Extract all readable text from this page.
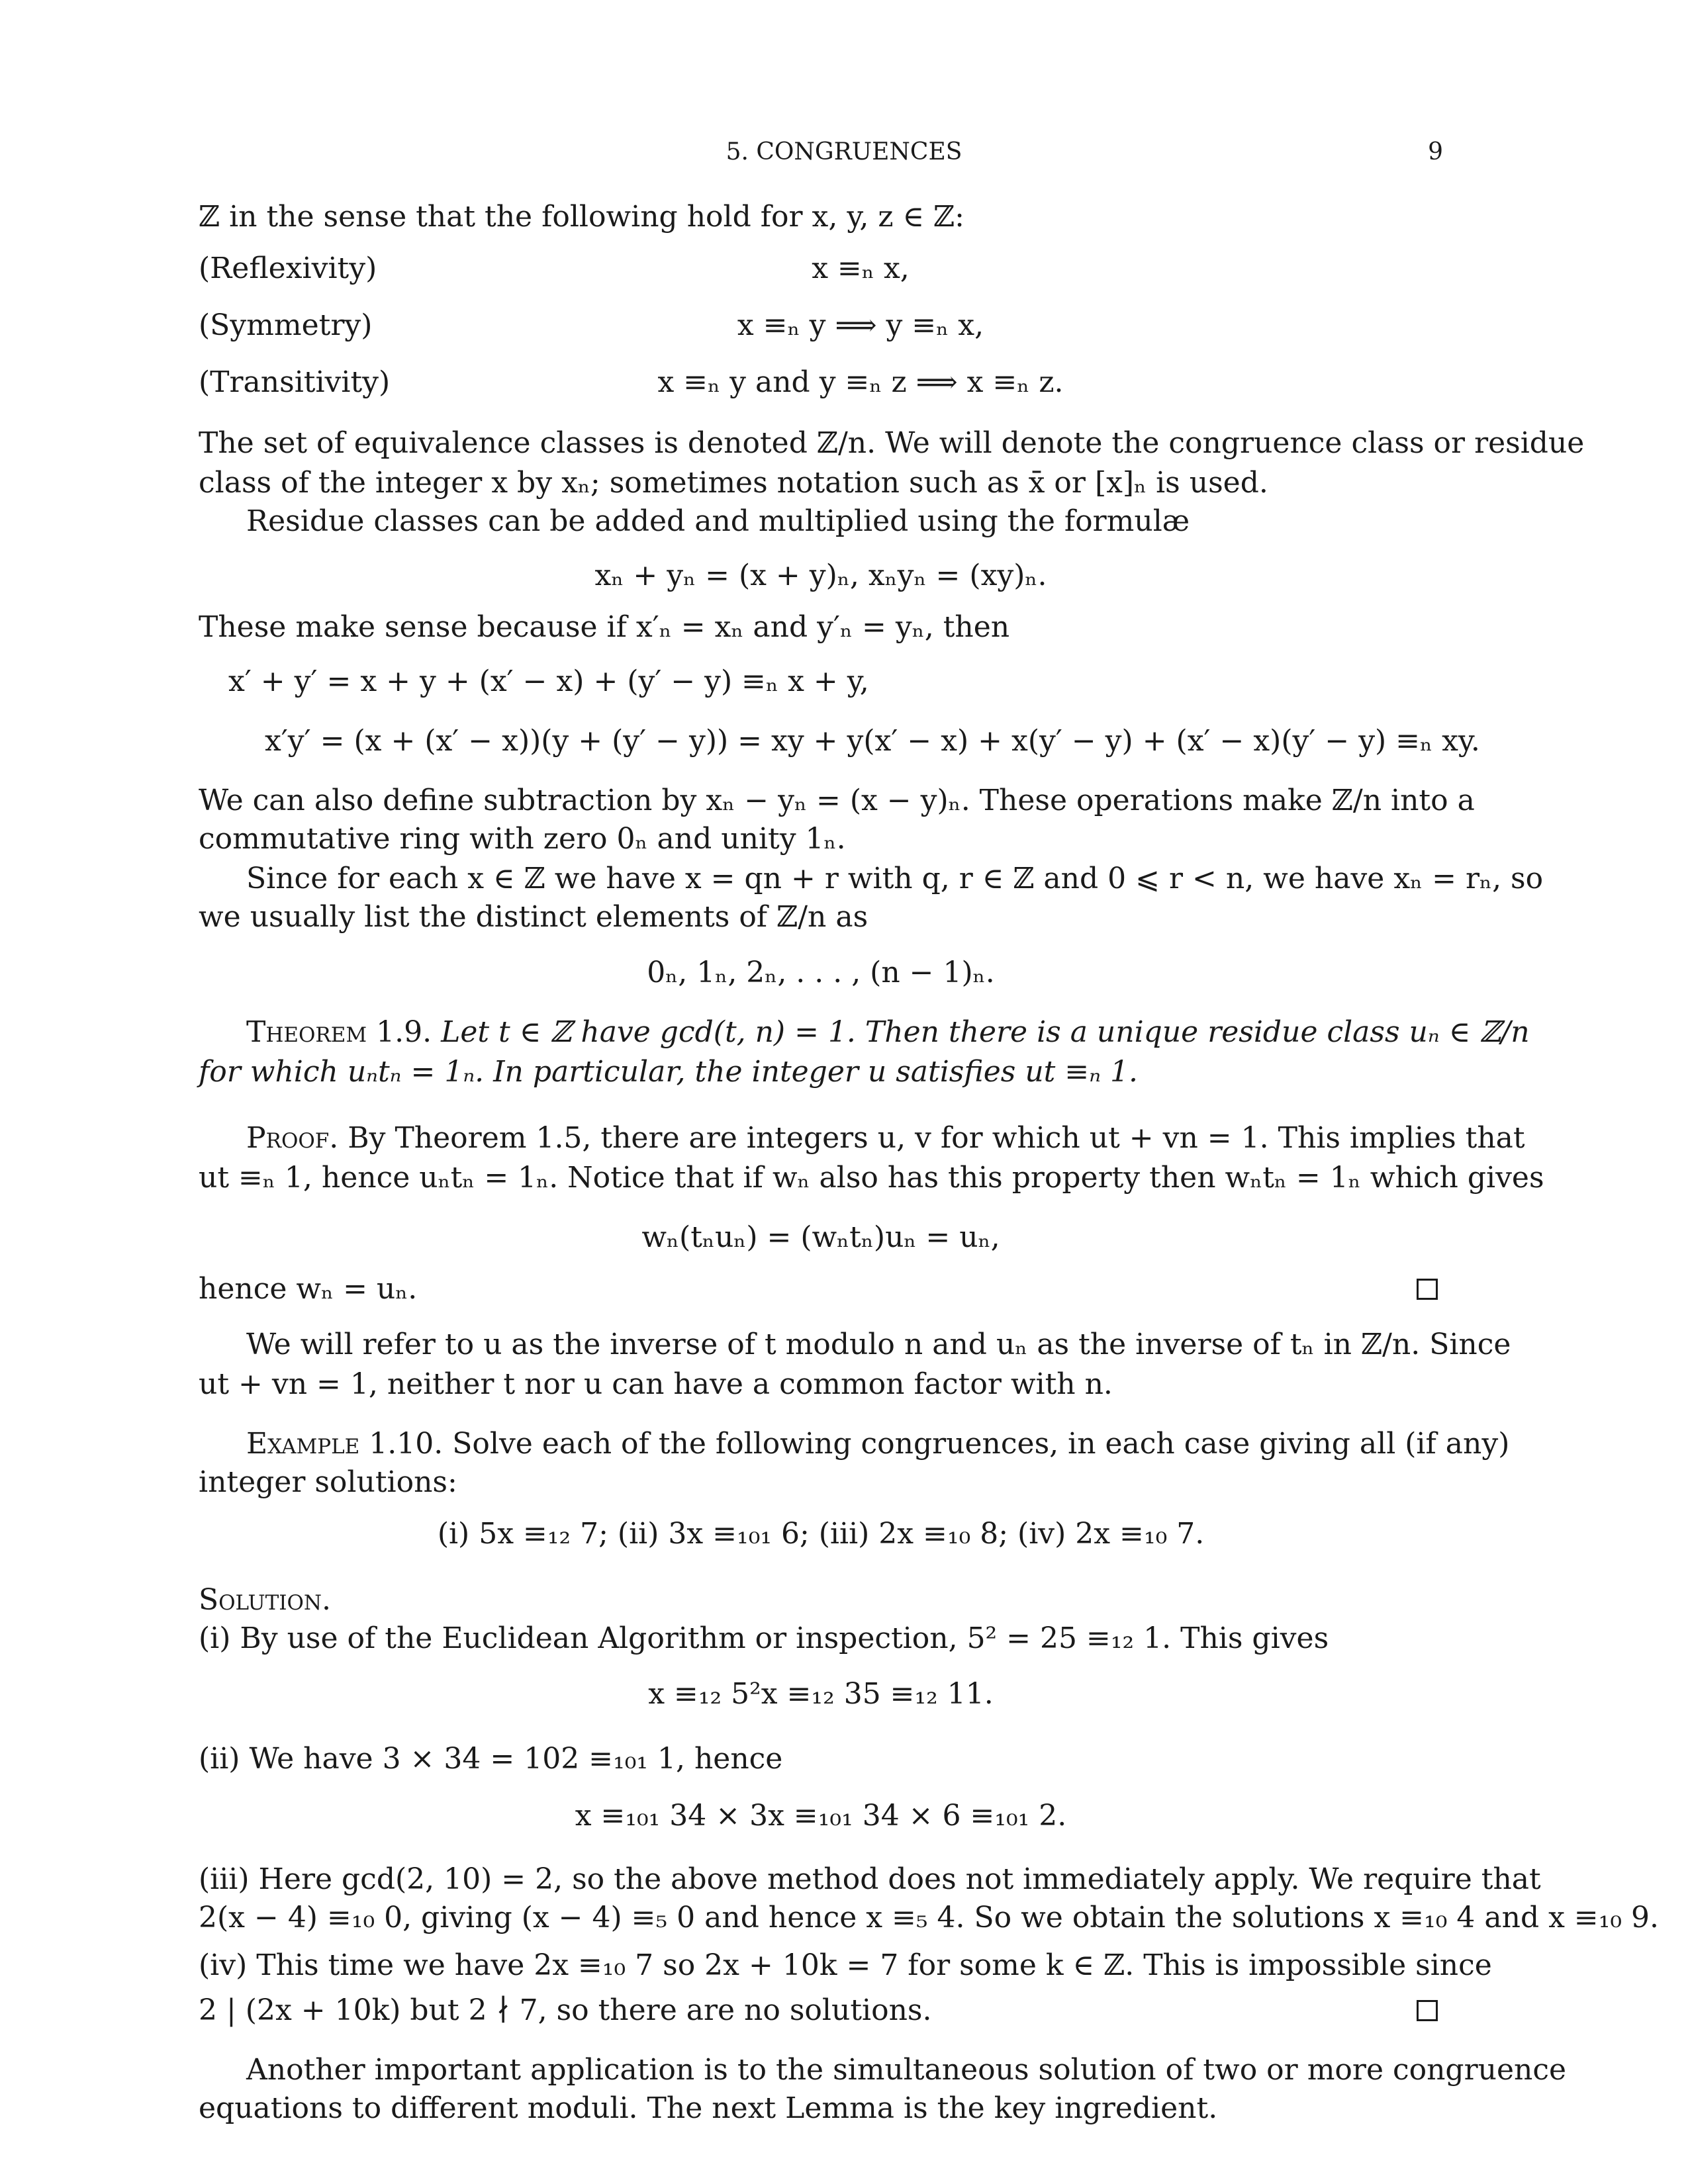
5. CONGRUENCES	9
ℤ in the sense that the following hold for x, y, z ∈ ℤ:
(Reflexivity)	x ≡ₙ x,
(Symmetry)	x ≡ₙ y ⟹ y ≡ₙ x,
(Transitivity)	x ≡ₙ y and y ≡ₙ z ⟹ x ≡ₙ z.
The set of equivalence classes is denoted ℤ/n. We will denote the congruence class or residue
class of the integer x by xₙ; sometimes notation such as x̄ or [x]ₙ is used.
Residue classes can be added and multiplied using the formulæ
xₙ + yₙ = (x + y)ₙ, xₙyₙ = (xy)ₙ.
These make sense because if x′ₙ = xₙ and y′ₙ = yₙ, then
x′ + y′ = x + y + (x′ − x) + (y′ − y) ≡ₙ x + y,
x′y′ = (x + (x′ − x))(y + (y′ − y)) = xy + y(x′ − x) + x(y′ − y) + (x′ − x)(y′ − y) ≡ₙ xy.
We can also define subtraction by xₙ − yₙ = (x − y)ₙ. These operations make ℤ/n into a
commutative ring with zero 0ₙ and unity 1ₙ.
Since for each x ∈ ℤ we have x = qn + r with q, r ∈ ℤ and 0 ⩽ r < n, we have xₙ = rₙ, so
we usually list the distinct elements of ℤ/n as
0ₙ, 1ₙ, 2ₙ, . . . , (n − 1)ₙ.
Theorem 1.9. Let t ∈ ℤ have gcd(t, n) = 1. Then there is a unique residue class uₙ ∈ ℤ/n
for which uₙtₙ = 1ₙ. In particular, the integer u satisfies ut ≡ₙ 1.
Proof. By Theorem 1.5, there are integers u, v for which ut + vn = 1. This implies that
ut ≡ₙ 1, hence uₙtₙ = 1ₙ. Notice that if wₙ also has this property then wₙtₙ = 1ₙ which gives
wₙ(tₙuₙ) = (wₙtₙ)uₙ = uₙ,
hence wₙ = uₙ.
We will refer to u as the inverse of t modulo n and uₙ as the inverse of tₙ in ℤ/n. Since
ut + vn = 1, neither t nor u can have a common factor with n.
Example 1.10. Solve each of the following congruences, in each case giving all (if any)
integer solutions:
(i) 5x ≡₁₂ 7; (ii) 3x ≡₁₀₁ 6; (iii) 2x ≡₁₀ 8; (iv) 2x ≡₁₀ 7.
Solution.
(i) By use of the Euclidean Algorithm or inspection, 5² = 25 ≡₁₂ 1. This gives
x ≡₁₂ 5²x ≡₁₂ 35 ≡₁₂ 11.
(ii) We have 3 × 34 = 102 ≡₁₀₁ 1, hence
x ≡₁₀₁ 34 × 3x ≡₁₀₁ 34 × 6 ≡₁₀₁ 2.
(iii) Here gcd(2, 10) = 2, so the above method does not immediately apply. We require that
2(x − 4) ≡₁₀ 0, giving (x − 4) ≡₅ 0 and hence x ≡₅ 4. So we obtain the solutions x ≡₁₀ 4 and x ≡₁₀ 9.
(iv) This time we have 2x ≡₁₀ 7 so 2x + 10k = 7 for some k ∈ ℤ. This is impossible since
2 | (2x + 10k) but 2 ∤ 7, so there are no solutions.
Another important application is to the simultaneous solution of two or more congruence
equations to different moduli. The next Lemma is the key ingredient.
